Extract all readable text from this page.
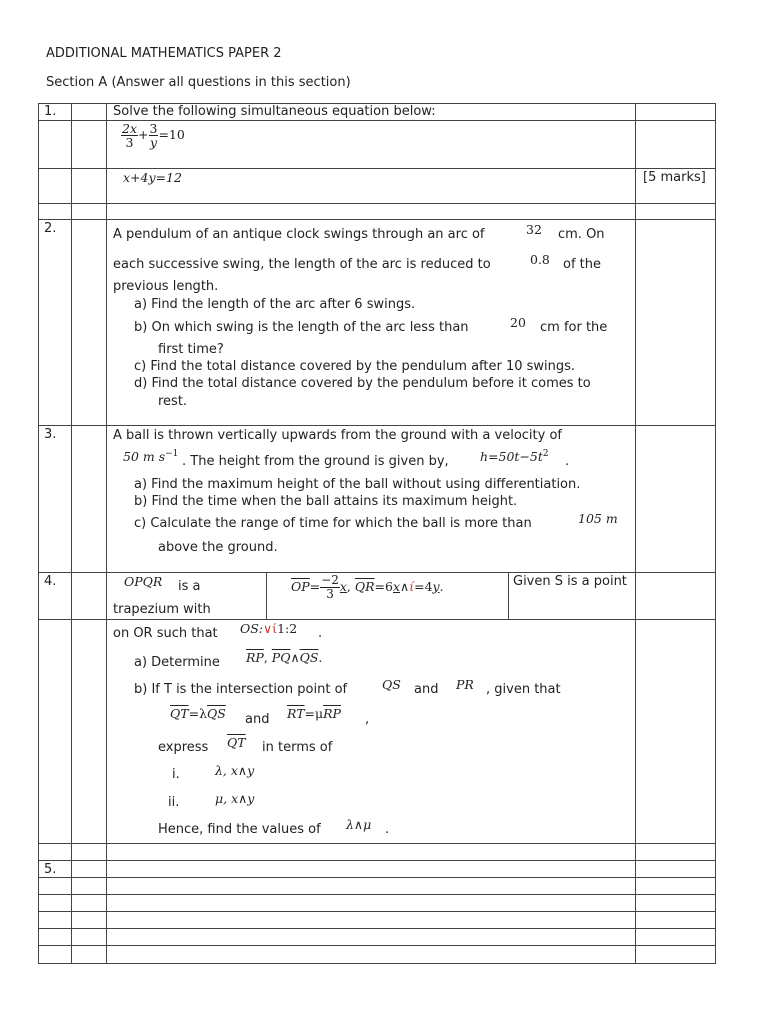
ADDITIONAL MATHEMATICS PAPER 2
Section A (Answer all questions in this section)
1.	Solve the following simultaneous equation below:
$\frac{2x}{3} + \frac{3}{y} =10$
x+4y=12	[5 marks]
2.	A pendulum of an antique clock swings through an arc of	32 cm. On
each successive swing, the length of the arc is reduced to	0.8 of the
previous length.
a) Find the length of the arc after 6 swings.
b) On which swing is the length of the arc less than	20 cm for the
first time?
c) Find the total distance covered by the pendulum after 10 swings.
d) Find the total distance covered by the pendulum before it comes to
rest.
3.	A ball is thrown vertically upwards from the ground with a velocity of
50 m $s^{-1}$ . The height from the ground is given by,	$h=50t-5t^2$ .
a) Find the maximum height of the ball without using differentiation.
b) Find the time when the ball attains its maximum height.
c) Calculate the range of time for which the ball is more than	105 m
above the ground.
4.	OPQR is a
trapezium with
$\overline{OP}= \frac{-2}{3} x$, $\overline{QR}=6x\wedge ί=4y$.	Given S is a point
on OR such that OS:∨ί1:2 .
a) Determine $\overline{RP}$, $\overline{PQ}\wedge\overline{QS}$.
b) If T is the intersection point of	QS and PR , given that
$\overline{QT}=\lambda\overline{QS}$ and $\overline{RT}=\mu\overline{RP}$ ,
express $\overline{QT}$ in terms of
i.	λ, x∧y
ii.	μ, x∧y
Hence, find the values of λ∧μ .
5.
